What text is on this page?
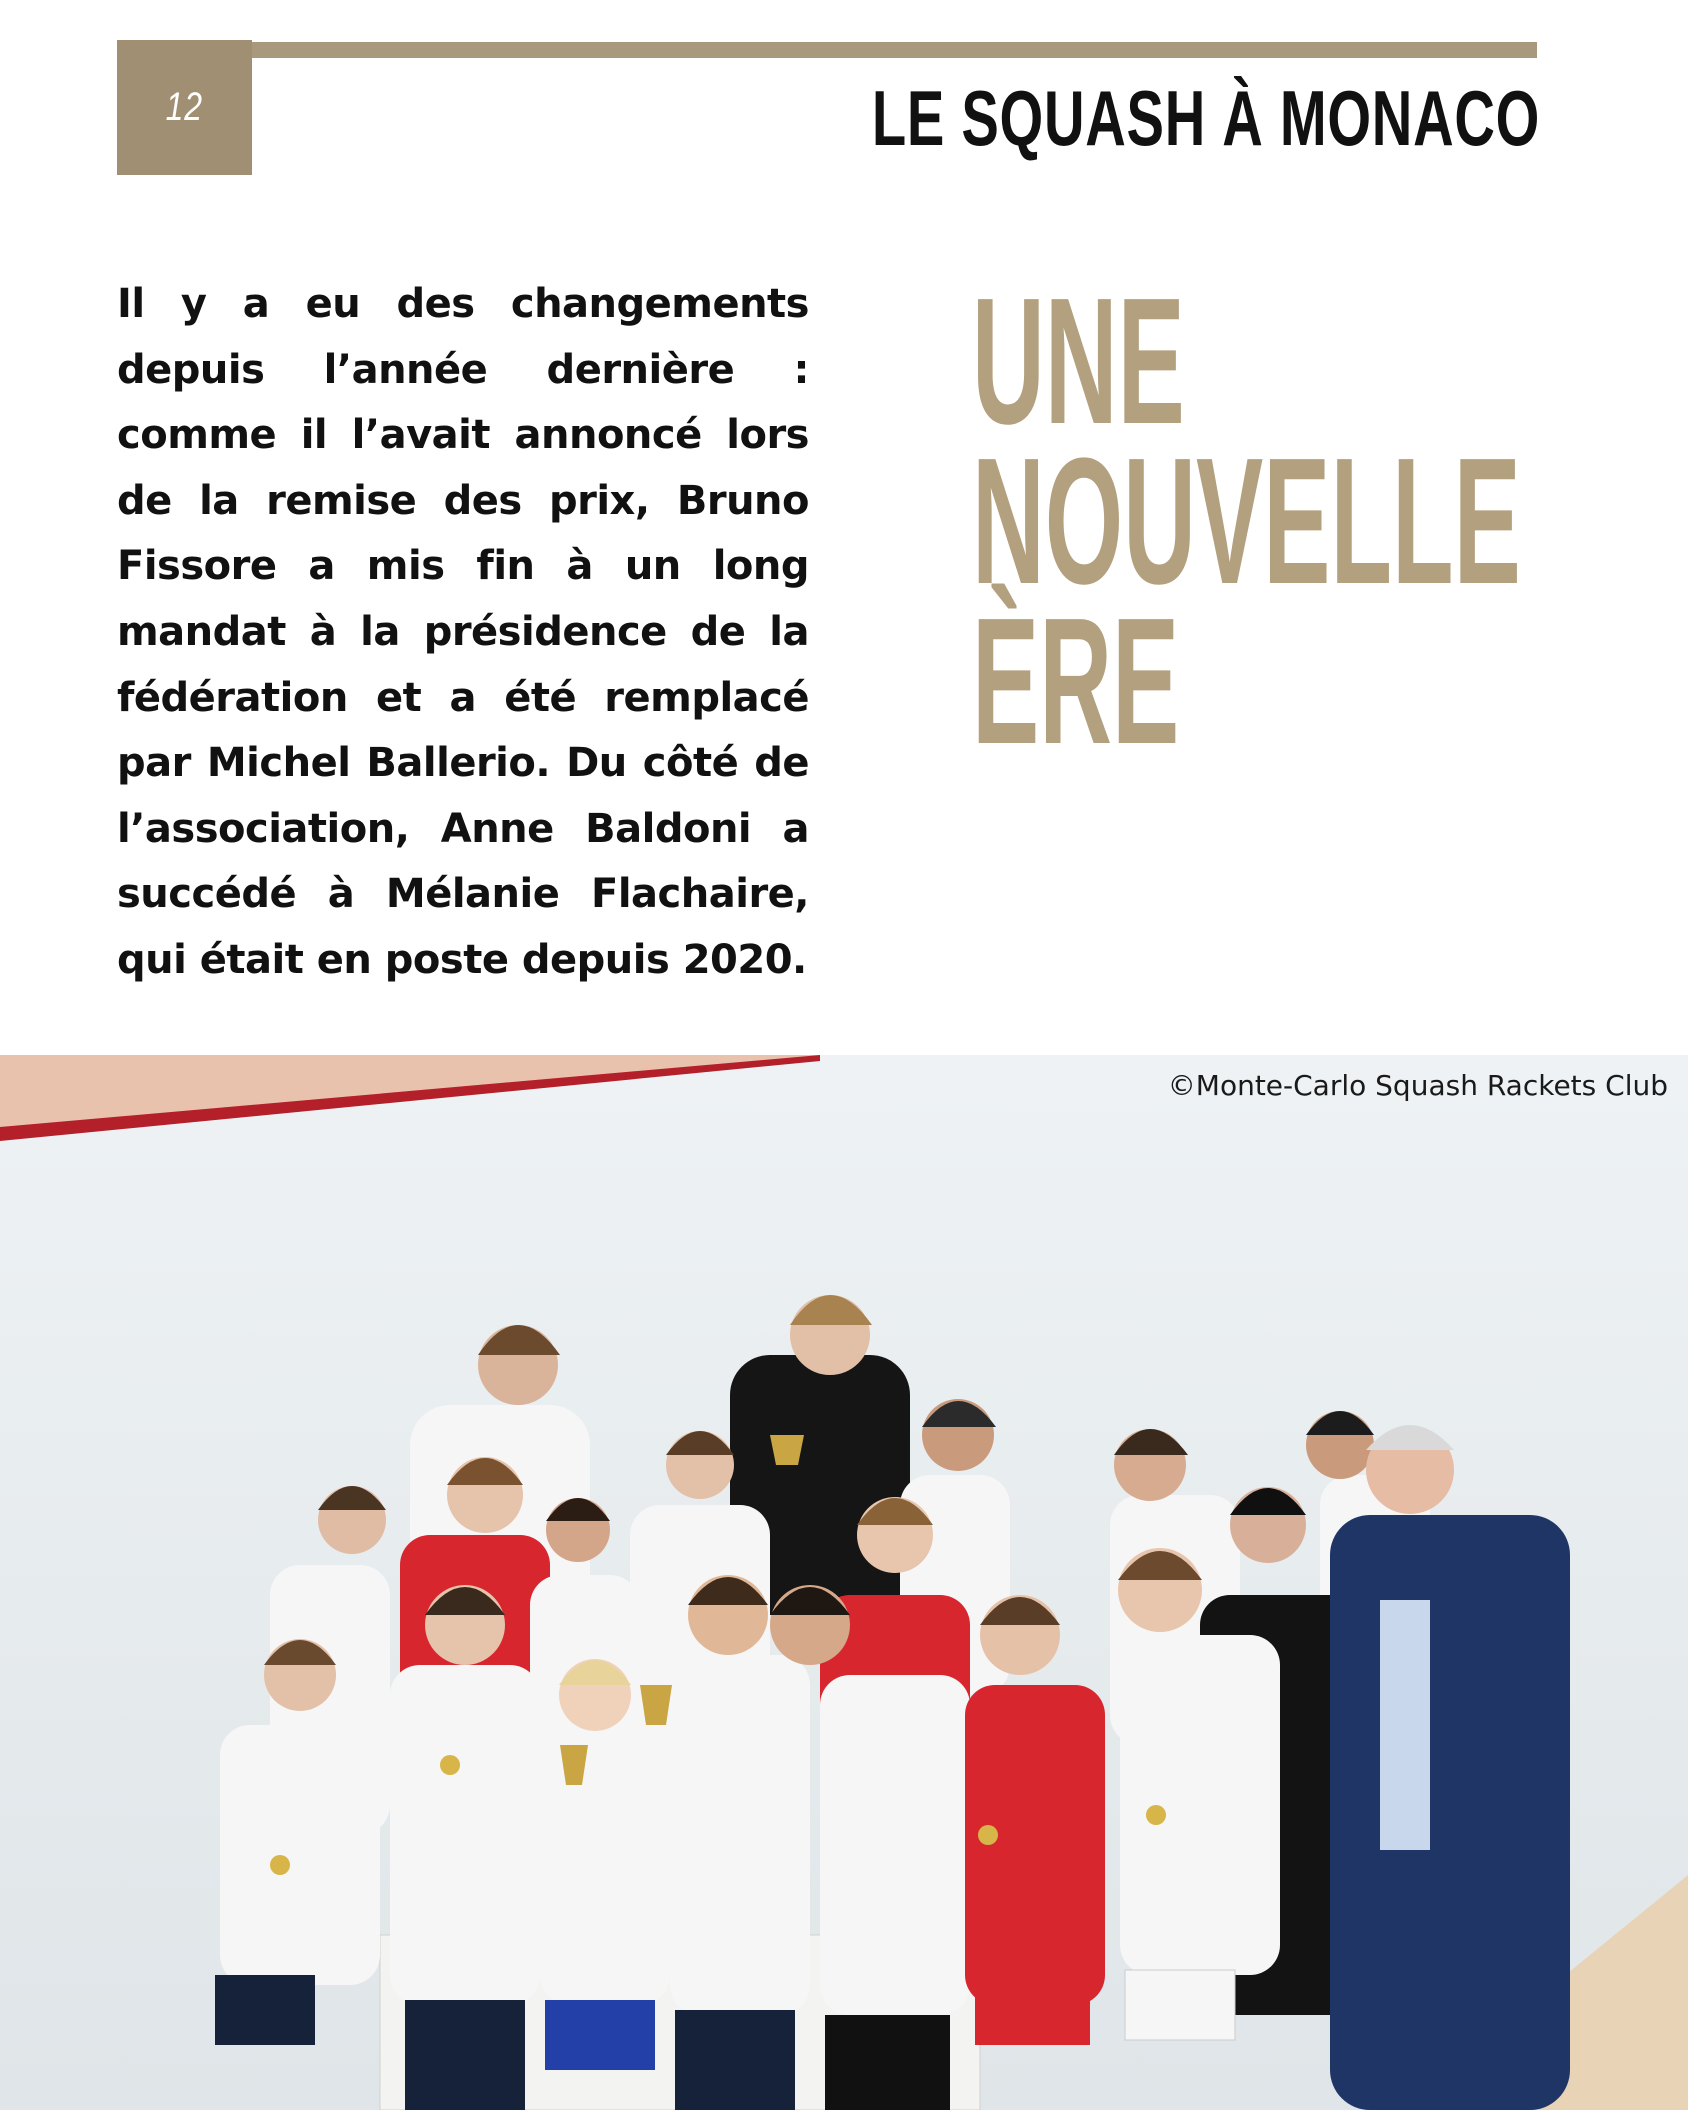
12	LE SQUASH À MONACO

Il y a eu des changements depuis l’année dernière : comme il l’avait annoncé lors de la remise des prix, Bruno Fissore a mis fin à un long mandat à la présidence de la fédération et a été remplacé par Michel Ballerio. Du côté de l’association, Anne Baldoni a succédé à Mélanie Flachaire, qui était en poste depuis 2020.

UNE
NOUVELLE
ÈRE
©Monte-Carlo Squash Rackets Club
